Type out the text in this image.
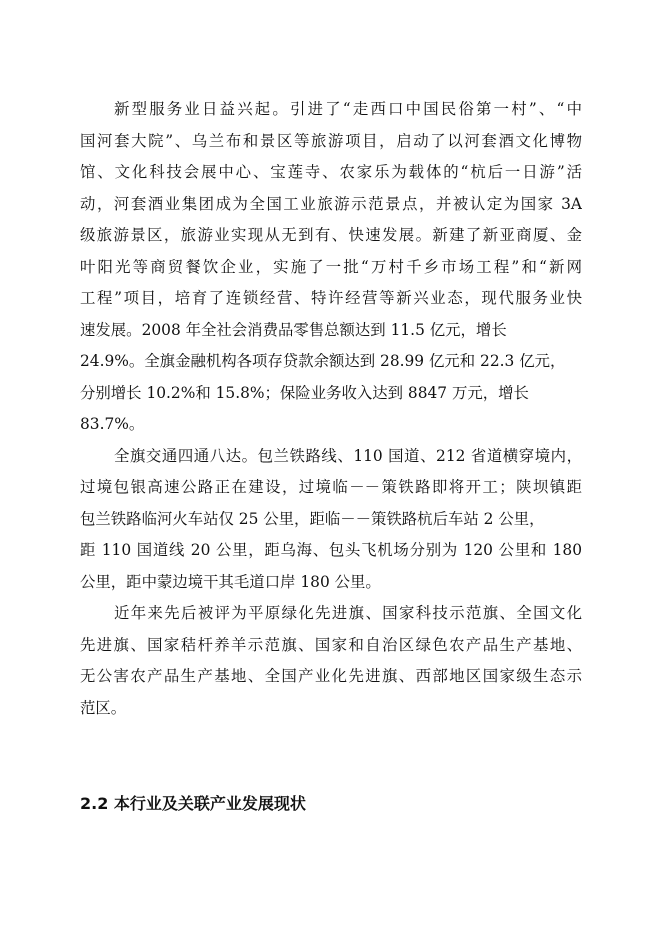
新型服务业日益兴起。引进了“走西口中国民俗第一村”、“中
国河套大院”、乌兰布和景区等旅游项目，启动了以河套酒文化博物
馆、文化科技会展中心、宝莲寺、农家乐为载体的“杭后一日游”活
动，河套酒业集团成为全国工业旅游示范景点，并被认定为国家 3A
级旅游景区，旅游业实现从无到有、快速发展。新建了新亚商厦、金
叶阳光等商贸餐饮企业，实施了一批“万村千乡市场工程”和“新网
工程”项目，培育了连锁经营、特许经营等新兴业态，现代服务业快
速发展。2008 年全社会消费品零售总额达到 11.5 亿元，增长
24.9%。全旗金融机构各项存贷款余额达到 28.99 亿元和 22.3 亿元，
分别增长 10.2%和 15.8%；保险业务收入达到 8847 万元，增长
83.7%。
全旗交通四通八达。包兰铁路线、110 国道、212 省道横穿境内，
过境包银高速公路正在建设，过境临－－策铁路即将开工；陕坝镇距
包兰铁路临河火车站仅 25 公里，距临－－策铁路杭后车站 2 公里，
距 110 国道线 20 公里，距乌海、包头飞机场分别为 120 公里和 180
公里，距中蒙边境干其毛道口岸 180 公里。
近年来先后被评为平原绿化先进旗、国家科技示范旗、全国文化
先进旗、国家秸杆养羊示范旗、国家和自治区绿色农产品生产基地、
无公害农产品生产基地、全国产业化先进旗、西部地区国家级生态示
范区。
2.2 本行业及关联产业发展现状
